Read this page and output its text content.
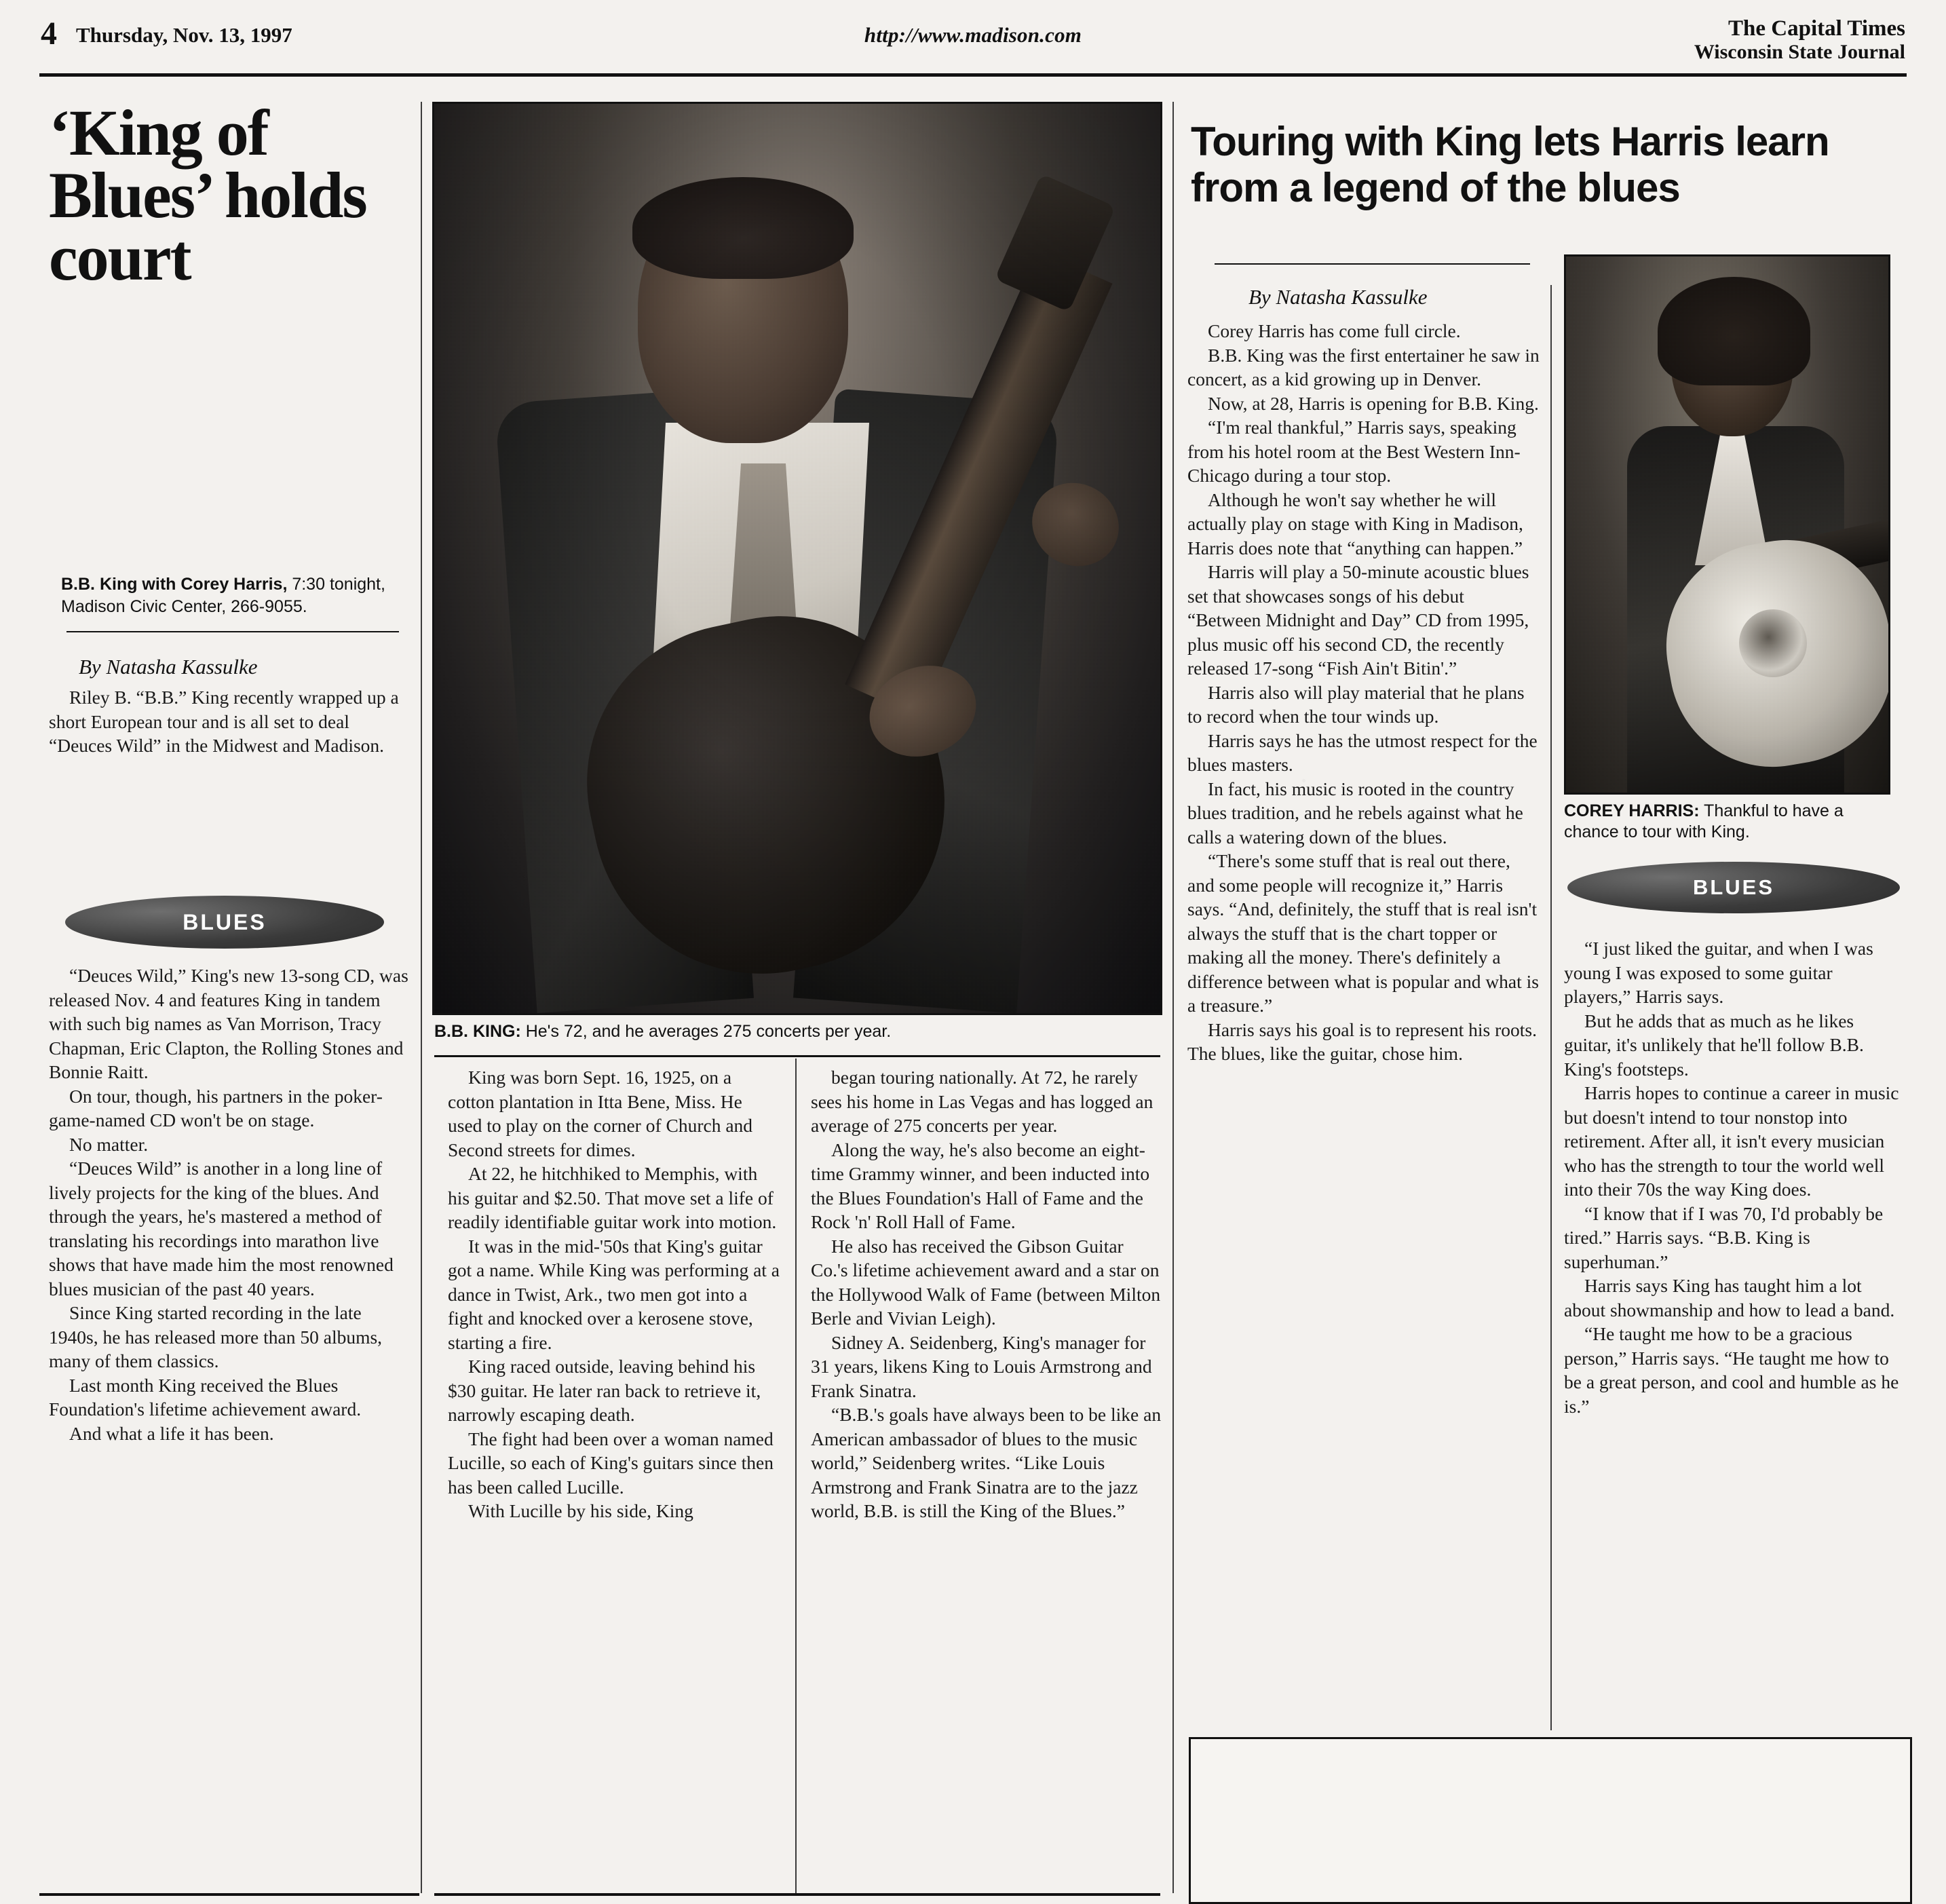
4 Thursday, Nov. 13, 1997	http://www.madison.com	The Capital Times
Wisconsin State Journal
‘King of Blues’ holds court
B.B. King with Corey Harris, 7:30 tonight, Madison Civic Center, 266-9055.
By Natasha Kassulke

Riley B. “B.B.” King recently wrapped up a short European tour and is all set to deal “Deuces Wild” in the Midwest and Madison.

BLUES

“Deuces Wild,” King's new 13-song CD, was released Nov. 4 and features King in tandem with such big names as Van Morrison, Tracy Chapman, Eric Clapton, the Rolling Stones and Bonnie Raitt.

On tour, though, his partners in the poker-game-named CD won't be on stage.

No matter.

“Deuces Wild” is another in a long line of lively projects for the king of the blues. And through the years, he's mastered a method of translating his recordings into marathon live shows that have made him the most renowned blues musician of the past 40 years.

Since King started recording in the late 1940s, he has released more than 50 albums, many of them classics.

Last month King received the Blues Foundation's lifetime achievement award.

And what a life it has been.

B.B. KING: He's 72, and he averages 275 concerts per year.

King was born Sept. 16, 1925, on a cotton plantation in Itta Bene, Miss. He used to play on the corner of Church and Second streets for dimes.

At 22, he hitchhiked to Memphis, with his guitar and $2.50. That move set a life of readily identifiable guitar work into motion.

It was in the mid-'50s that King's guitar got a name. While King was performing at a dance in Twist, Ark., two men got into a fight and knocked over a kerosene stove, starting a fire.

King raced outside, leaving behind his $30 guitar. He later ran back to retrieve it, narrowly escaping death.

The fight had been over a woman named Lucille, so each of King's guitars since then has been called Lucille.

With Lucille by his side, King

began touring nationally. At 72, he rarely sees his home in Las Vegas and has logged an average of 275 concerts per year.

Along the way, he's also become an eight-time Grammy winner, and been inducted into the Blues Foundation's Hall of Fame and the Rock 'n' Roll Hall of Fame.

He also has received the Gibson Guitar Co.'s lifetime achievement award and a star on the Hollywood Walk of Fame (between Milton Berle and Vivian Leigh).

Sidney A. Seidenberg, King's manager for 31 years, likens King to Louis Armstrong and Frank Sinatra.

“B.B.'s goals have always been to be like an American ambassador of blues to the music world,” Seidenberg writes. “Like Louis Armstrong and Frank Sinatra are to the jazz world, B.B. is still the King of the Blues.”

Touring with King lets Harris learn from a legend of the blues
By Natasha Kassulke

Corey Harris has come full circle.

B.B. King was the first entertainer he saw in concert, as a kid growing up in Denver.

Now, at 28, Harris is opening for B.B. King.

“I'm real thankful,” Harris says, speaking from his hotel room at the Best Western Inn-Chicago during a tour stop.

Although he won't say whether he will actually play on stage with King in Madison, Harris does note that “anything can happen.”

Harris will play a 50-minute acoustic blues set that showcases songs of his debut “Between Midnight and Day” CD from 1995, plus music off his second CD, the recently released 17-song “Fish Ain't Bitin'.”

Harris also will play material that he plans to record when the tour winds up.

Harris says he has the utmost respect for the blues masters.

In fact, his music is rooted in the country blues tradition, and he rebels against what he calls a watering down of the blues.

“There's some stuff that is real out there, and some people will recognize it,” Harris says. “And, definitely, the stuff that is real isn't always the stuff that is the chart topper or making all the money. There's definitely a difference between what is popular and what is a treasure.”

Harris says his goal is to represent his roots. The blues, like the guitar, chose him.

COREY HARRIS: Thankful to have a chance to tour with King.
BLUES

“I just liked the guitar, and when I was young I was exposed to some guitar players,” Harris says.

But he adds that as much as he likes guitar, it's unlikely that he'll follow B.B. King's footsteps.

Harris hopes to continue a career in music but doesn't intend to tour nonstop into retirement. After all, it isn't every musician who has the strength to tour the world well into their 70s the way King does.

“I know that if I was 70, I'd probably be tired.” Harris says. “B.B. King is superhuman.”

Harris says King has taught him a lot about showmanship and how to lead a band.

“He taught me how to be a gracious person,” Harris says. “He taught me how to be a great person, and cool and humble as he is.”
